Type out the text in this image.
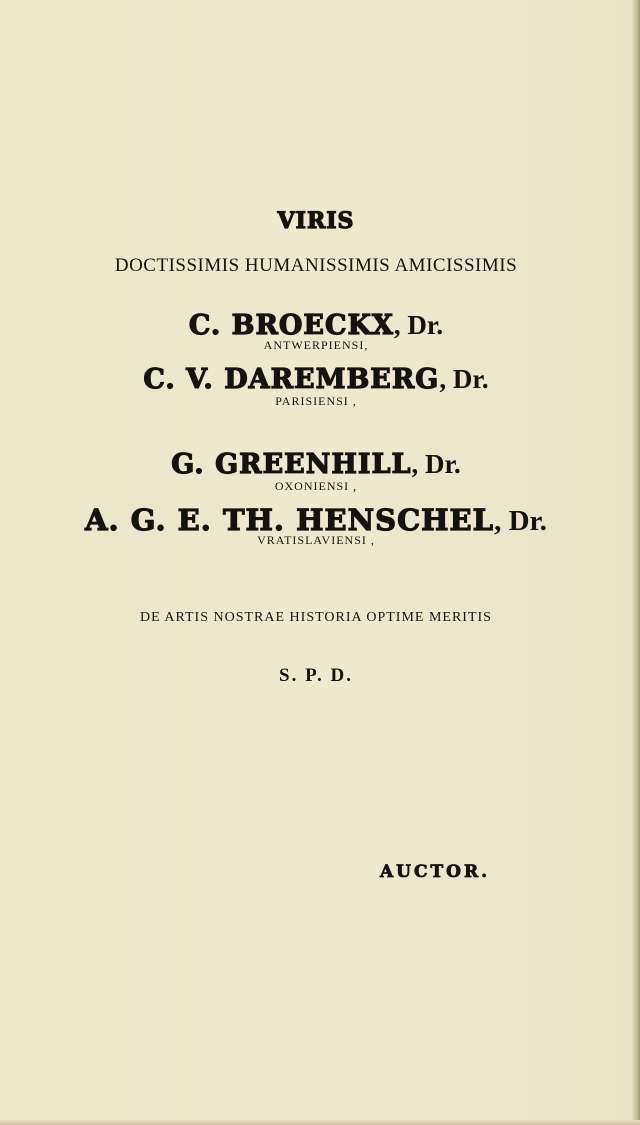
VIRIS
DOCTISSIMIS HUMANISSIMIS AMICISSIMIS
C. BROECKX, Dr.
ANTWERPIENSI,
C. V. DAREMBERG, Dr.
PARISIENSI ,
G. GREENHILL, Dr.
OXONIENSI ,
A. G. E. TH. HENSCHEL, Dr.
VRATISLAVIENSI ,
DE ARTIS NOSTRAE HISTORIA OPTIME MERITIS
S. P. D.
AUCTOR.
